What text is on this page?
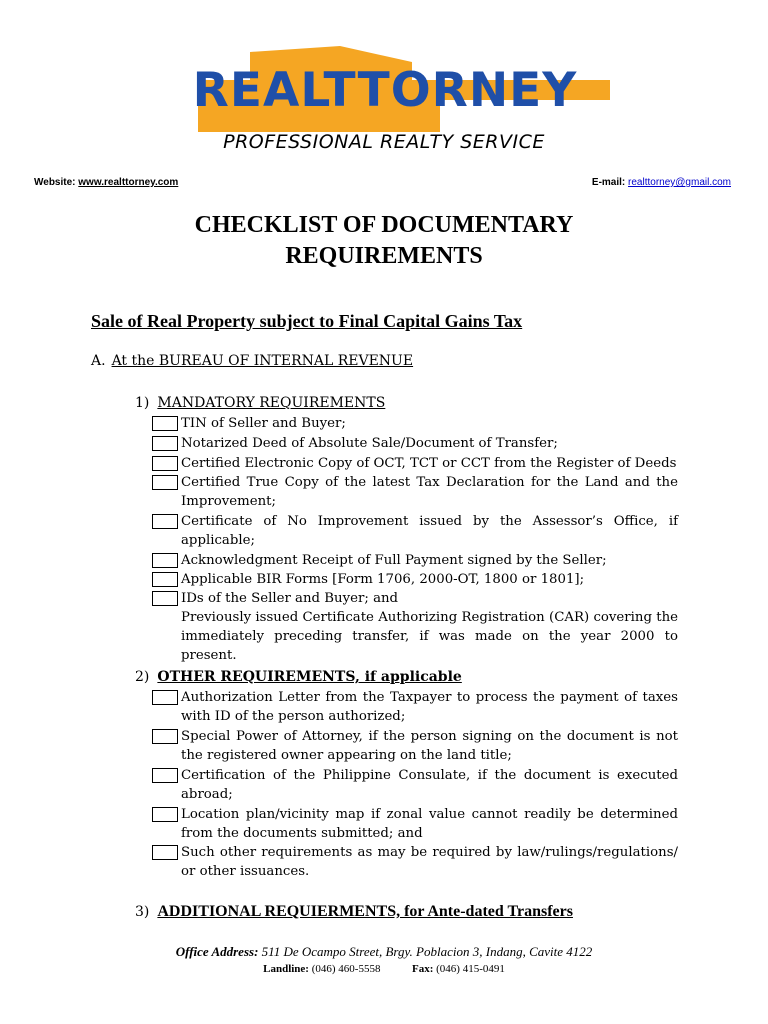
REALTTORNEY
PROFESSIONAL REALTY SERVICE
Website: www.realttorney.com	E-mail: realttorney@gmail.com
CHECKLIST OF DOCUMENTARY
REQUIREMENTS
Sale of Real Property subject to Final Capital Gains Tax
A. At the BUREAU OF INTERNAL REVENUE
1) MANDATORY REQUIREMENTS
TIN of Seller and Buyer;
Notarized Deed of Absolute Sale/Document of Transfer;
Certified Electronic Copy of OCT, TCT or CCT from the Register of Deeds
Certified True Copy of the latest Tax Declaration for the Land and the Improvement;
Certificate of No Improvement issued by the Assessor’s Office, if applicable;
Acknowledgment Receipt of Full Payment signed by the Seller;
Applicable BIR Forms [Form 1706, 2000-OT, 1800 or 1801];
IDs of the Seller and Buyer; and
Previously issued Certificate Authorizing Registration (CAR) covering the immediately preceding transfer, if was made on the year 2000 to present.
2) OTHER REQUIREMENTS, if applicable
Authorization Letter from the Taxpayer to process the payment of taxes with ID of the person authorized;
Special Power of Attorney, if the person signing on the document is not the registered owner appearing on the land title;
Certification of the Philippine Consulate, if the document is executed abroad;
Location plan/vicinity map if zonal value cannot readily be determined from the documents submitted; and
Such other requirements as may be required by law/rulings/regulations/ or other issuances.
3) ADDITIONAL REQUIERMENTS, for Ante-dated Transfers
Office Address: 511 De Ocampo Street, Brgy. Poblacion 3, Indang, Cavite 4122
Landline: (046) 460-5558	Fax: (046) 415-0491
